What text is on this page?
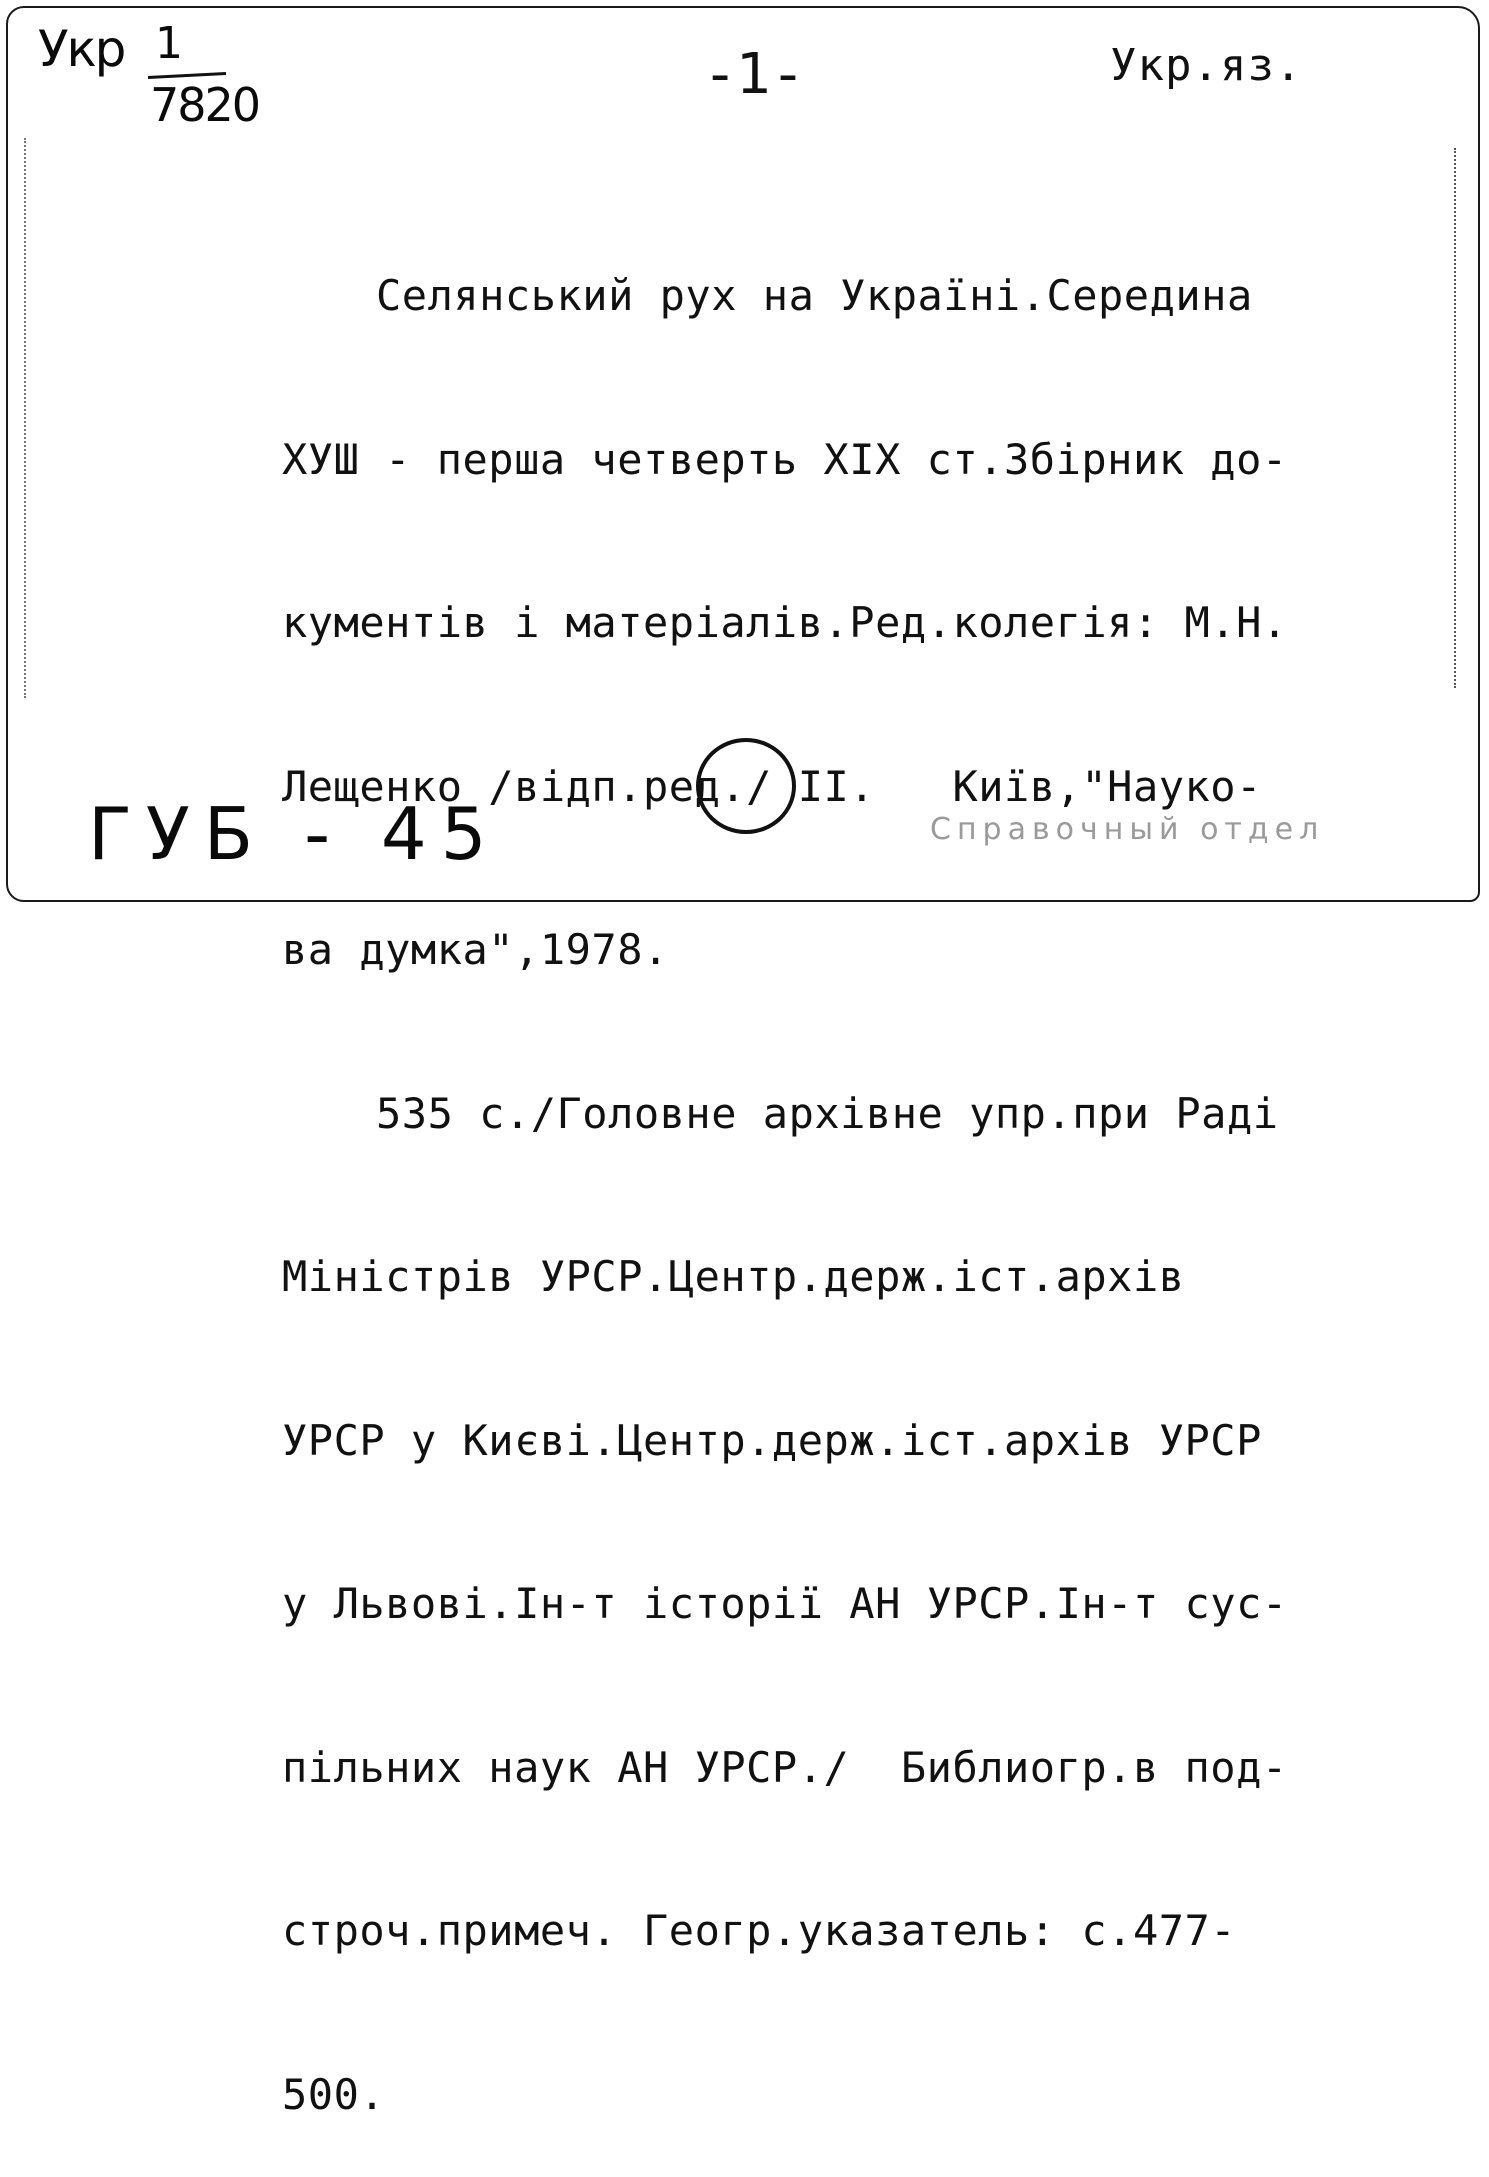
Укр 1
7820	-1-	Укр.яз.

Селянський рух на Україні.Середина

ХУШ - перша четверть XIX ст.Збірник до-

кументів і матеріалів.Ред.колегія: М.Н.

Лещенко /відп.ред./ ІІ.   Київ,"Науко-

ва думка",1978.

535 с./Головне архівне упр.при Раді

Міністрів УРСР.Центр.держ.іст.архів

УРСР у Києві.Центр.держ.іст.архів УРСР

у Львові.Ін-т історії АН УРСР.Ін-т сус-

пільних наук АН УРСР./  Библиогр.в под-

строч.примеч. Геогр.указатель: с.477-

500.

ГУБ - 45	Справочный отдел
